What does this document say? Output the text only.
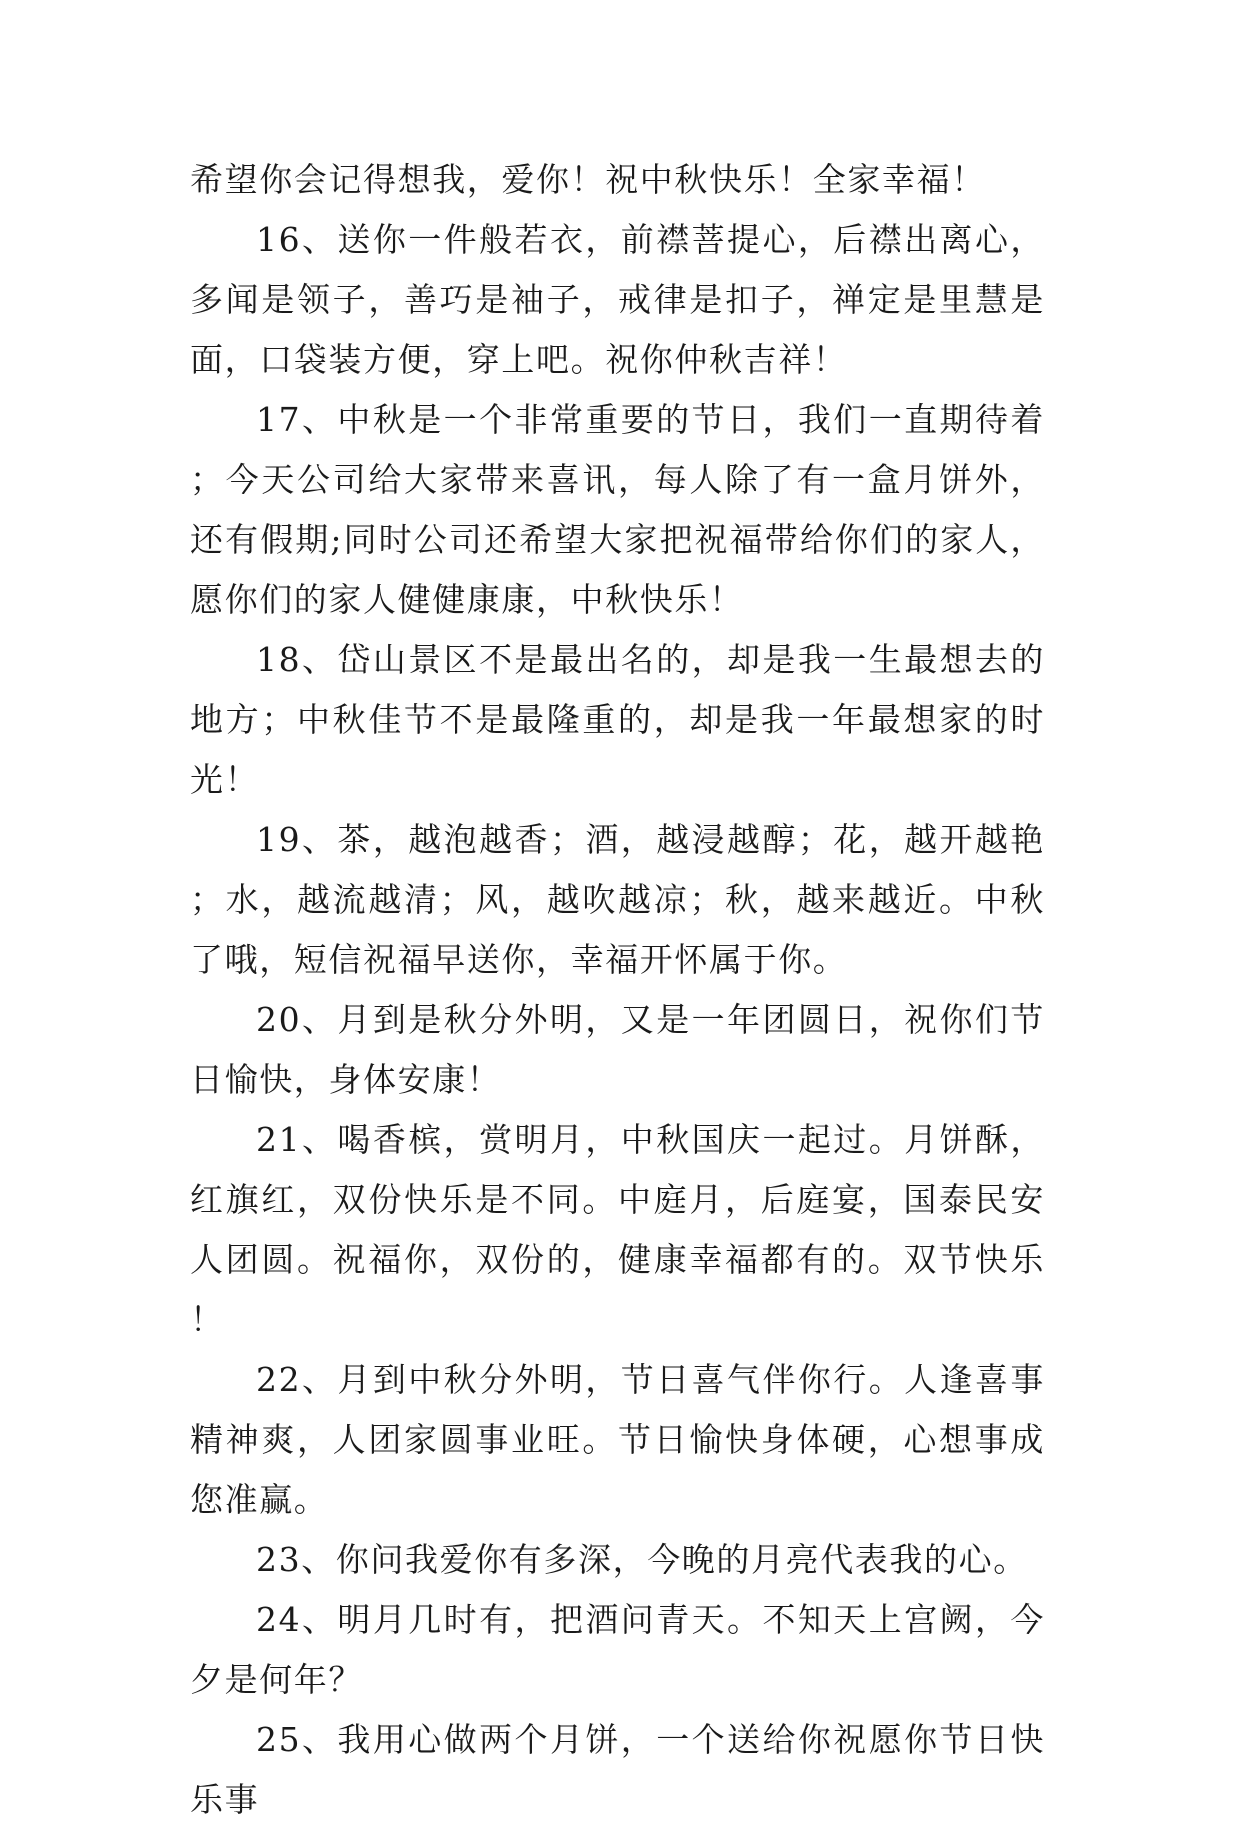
希望你会记得想我，爱你！祝中秋快乐！全家幸福！

16、送你一件般若衣，前襟菩提心，后襟出离心，多闻是领子，善巧是袖子，戒律是扣子，禅定是里慧是面，口袋装方便，穿上吧。祝你仲秋吉祥！

17、中秋是一个非常重要的节日，我们一直期待着；今天公司给大家带来喜讯，每人除了有一盒月饼外，还有假期;同时公司还希望大家把祝福带给你们的家人，愿你们的家人健健康康，中秋快乐！

18、岱山景区不是最出名的，却是我一生最想去的地方；中秋佳节不是最隆重的，却是我一年最想家的时光！

19、茶，越泡越香；酒，越浸越醇；花，越开越艳；水，越流越清；风，越吹越凉；秋，越来越近。中秋了哦，短信祝福早送你，幸福开怀属于你。

20、月到是秋分外明，又是一年团圆日，祝你们节日愉快，身体安康！

21、喝香槟，赏明月，中秋国庆一起过。月饼酥，红旗红，双份快乐是不同。中庭月，后庭宴，国泰民安人团圆。祝福你，双份的，健康幸福都有的。双节快乐！

22、月到中秋分外明，节日喜气伴你行。人逢喜事精神爽，人团家圆事业旺。节日愉快身体硬，心想事成您准赢。

23、你问我爱你有多深，今晚的月亮代表我的心。

24、明月几时有，把酒问青天。不知天上宫阙，今夕是何年？

25、我用心做两个月饼，一个送给你祝愿你节日快乐事
